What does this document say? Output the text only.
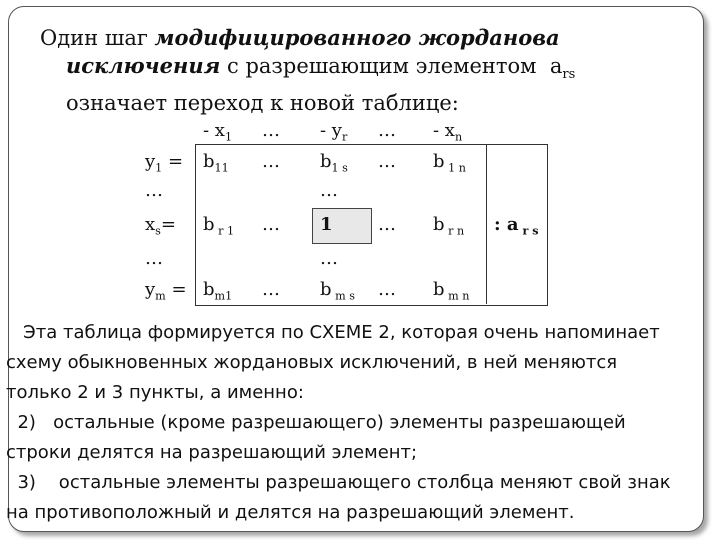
Один шаг модифицированного жорданова
исключения с разрешающим элементом $a_{rs}$
означает переход к новой таблице:
- $x_1$ … - $y_r$ … - $x_n$
$y_1$ =
…
$x_s=$
…
$y_m$ =
$b_{11}$ … $b_{1 s}$ … b $_{1 n}$
…
b $_{r 1}$ … 1	… b $_{r n}$ : a $_{r s}$
…
$b_{m1}$ … b $_{m s}$ … b $_{m n}$
Эта таблица формируется по СХЕМЕ 2, которая очень напоминает
схему обыкновенных жордановых исключений, в ней меняются
только 2 и 3 пункты, а именно:
2)   остальные (кроме разрешающего) элементы разрешающей
строки делятся на разрешающий элемент;
3)    остальные элементы разрешающего столбца меняют свой знак
на противоположный и делятся на разрешающий элемент.
